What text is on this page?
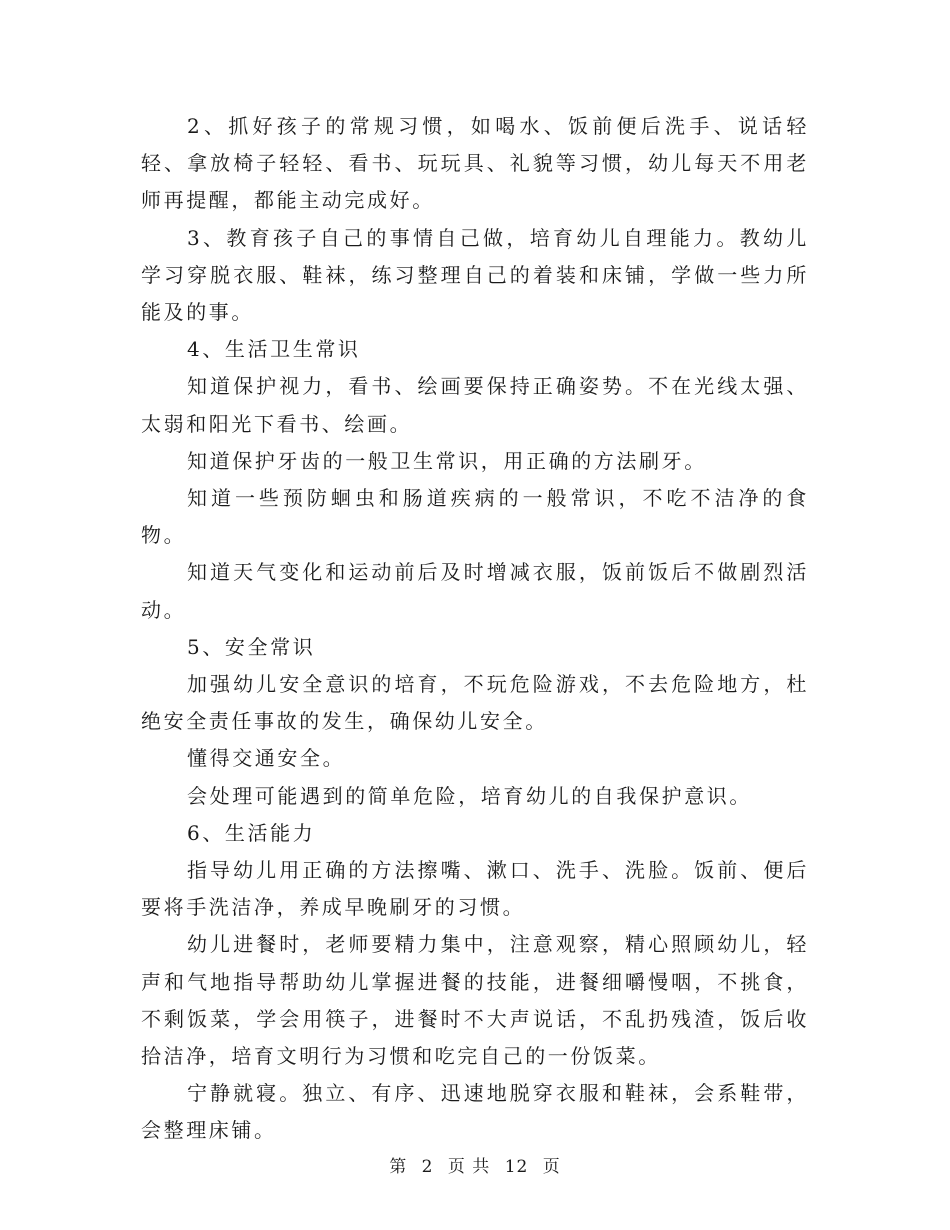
2、抓好孩子的常规习惯，如喝水、饭前便后洗手、说话轻轻、拿放椅子轻轻、看书、玩玩具、礼貌等习惯，幼儿每天不用老师再提醒，都能主动完成好。

3、教育孩子自己的事情自己做，培育幼儿自理能力。教幼儿学习穿脱衣服、鞋袜，练习整理自己的着装和床铺，学做一些力所能及的事。

4、生活卫生常识

知道保护视力，看书、绘画要保持正确姿势。不在光线太强、太弱和阳光下看书、绘画。

知道保护牙齿的一般卫生常识，用正确的方法刷牙。

知道一些预防蛔虫和肠道疾病的一般常识，不吃不洁净的食物。

知道天气变化和运动前后及时增减衣服，饭前饭后不做剧烈活动。

5、安全常识

加强幼儿安全意识的培育，不玩危险游戏，不去危险地方，杜绝安全责任事故的发生，确保幼儿安全。

懂得交通安全。

会处理可能遇到的简单危险，培育幼儿的自我保护意识。

6、生活能力

指导幼儿用正确的方法擦嘴、漱口、洗手、洗脸。饭前、便后要将手洗洁净，养成早晚刷牙的习惯。

幼儿进餐时，老师要精力集中，注意观察，精心照顾幼儿，轻声和气地指导帮助幼儿掌握进餐的技能，进餐细嚼慢咽，不挑食，不剩饭菜，学会用筷子，进餐时不大声说话，不乱扔残渣，饭后收拾洁净，培育文明行为习惯和吃完自己的一份饭菜。

宁静就寝。独立、有序、迅速地脱穿衣服和鞋袜，会系鞋带，会整理床铺。

第 2 页 共 12 页
